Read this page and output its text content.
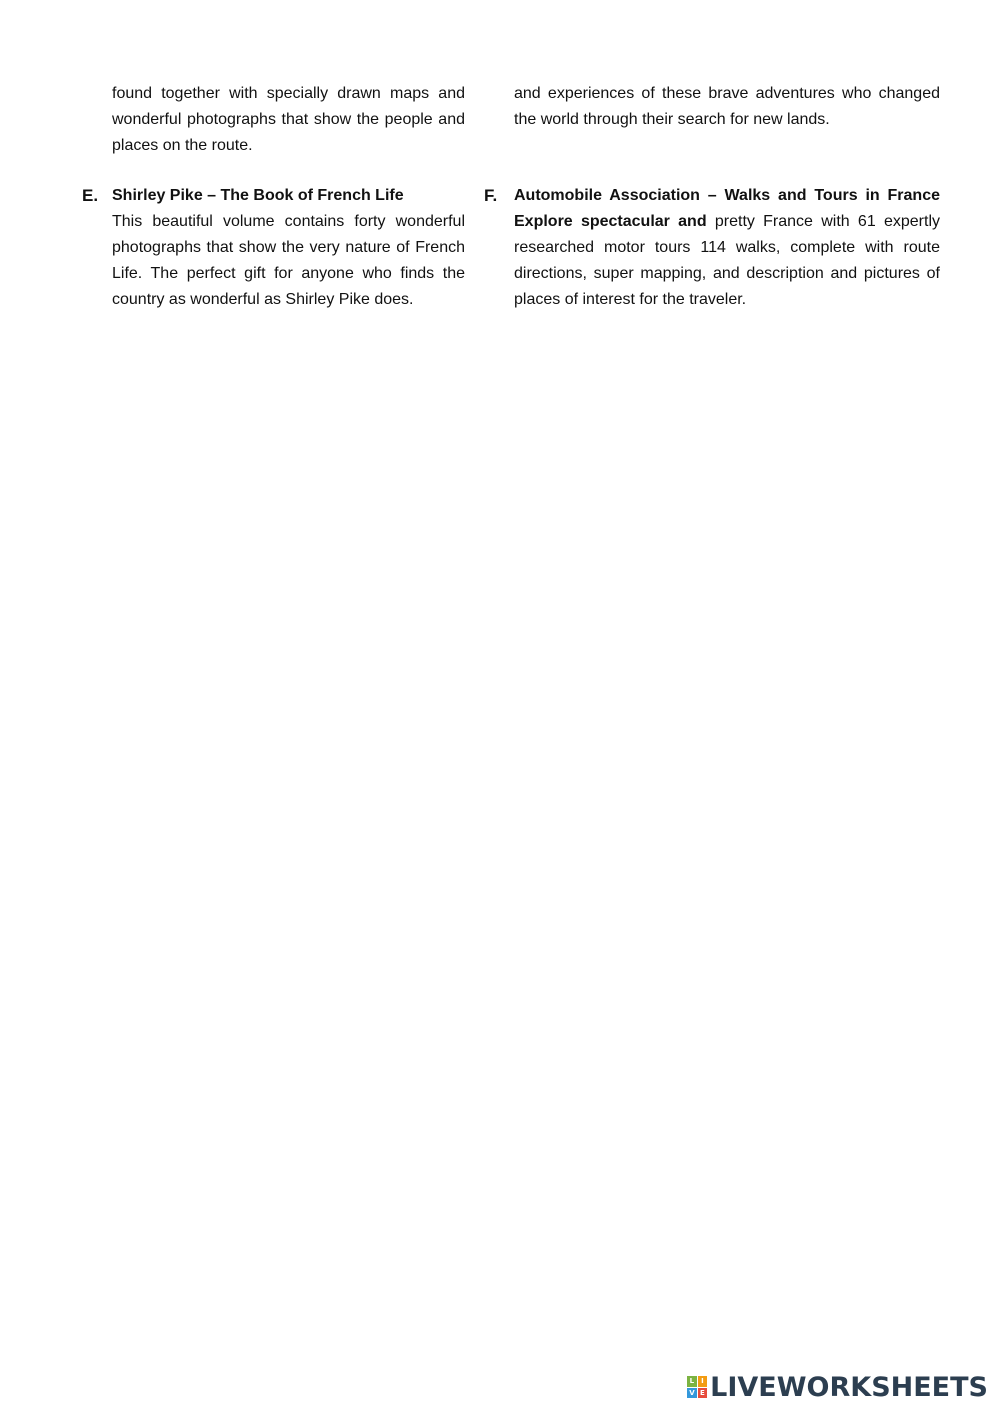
found together with specially drawn maps and wonderful photographs that show the people and places on the route.
and experiences of these brave adventures who changed the world through their search for new lands.
E. Shirley Pike – The Book of French Life
This beautiful volume contains forty wonderful photographs that show the very nature of French Life. The perfect gift for anyone who finds the country as wonderful as Shirley Pike does.
F. Automobile Association – Walks and Tours in France
Explore spectacular and pretty France with 61 expertly researched motor tours 114 walks, complete with route directions, super mapping, and description and pictures of places of interest for the traveler.
L I
V E LIVEWORKSHEETS
